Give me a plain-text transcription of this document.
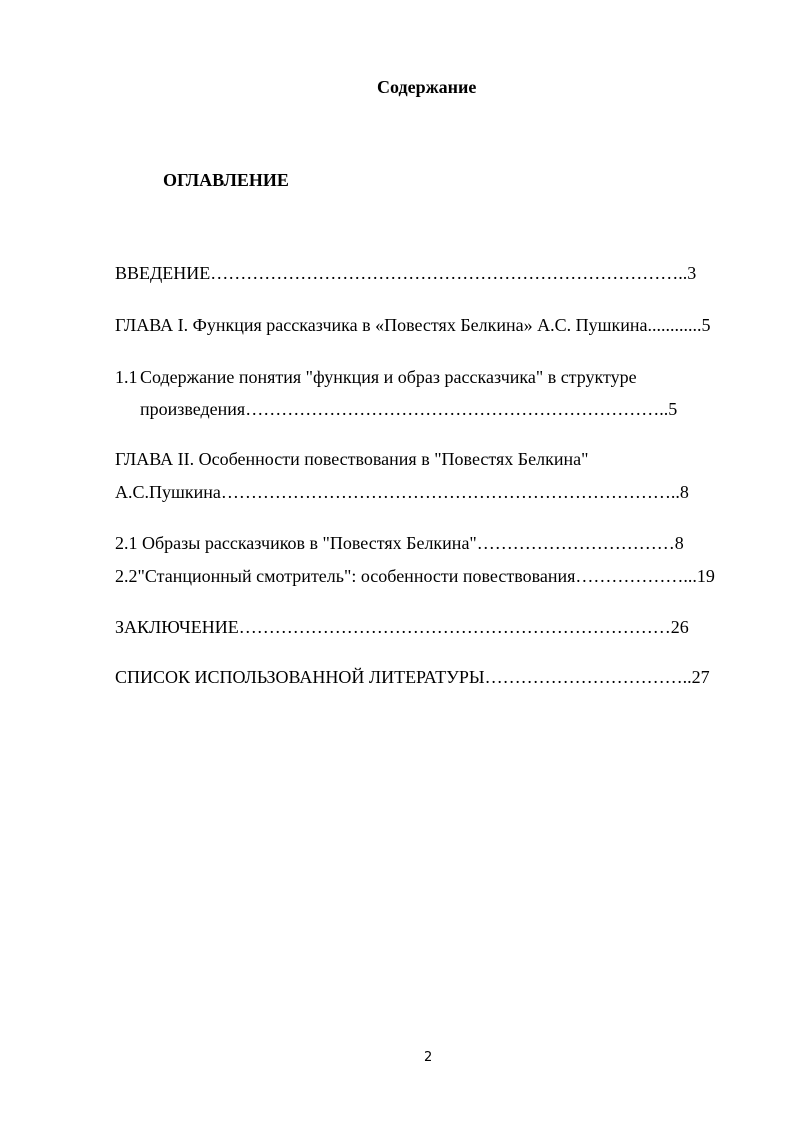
Содержание
ОГЛАВЛЕНИЕ
ВВЕДЕНИЕ……………………………………………………………………..3
ГЛАВА I. Функция рассказчика в «Повестях Белкина» А.С. Пушкина............5
1.1 Содержание понятия "функция и образ рассказчика" в структуре
произведения……………………………………………………………..5
ГЛАВА II. Особенности повествования в "Повестях Белкина"
А.С.Пушкина…………………………………………………………………..8
2.1 Образы рассказчиков в "Повестях Белкина"……………………………8
2.2"Станционный смотритель": особенности повествования………………...19
ЗАКЛЮЧЕНИЕ………………………………………………………………26
СПИСОК ИСПОЛЬЗОВАННОЙ ЛИТЕРАТУРЫ……………………………..27
2
